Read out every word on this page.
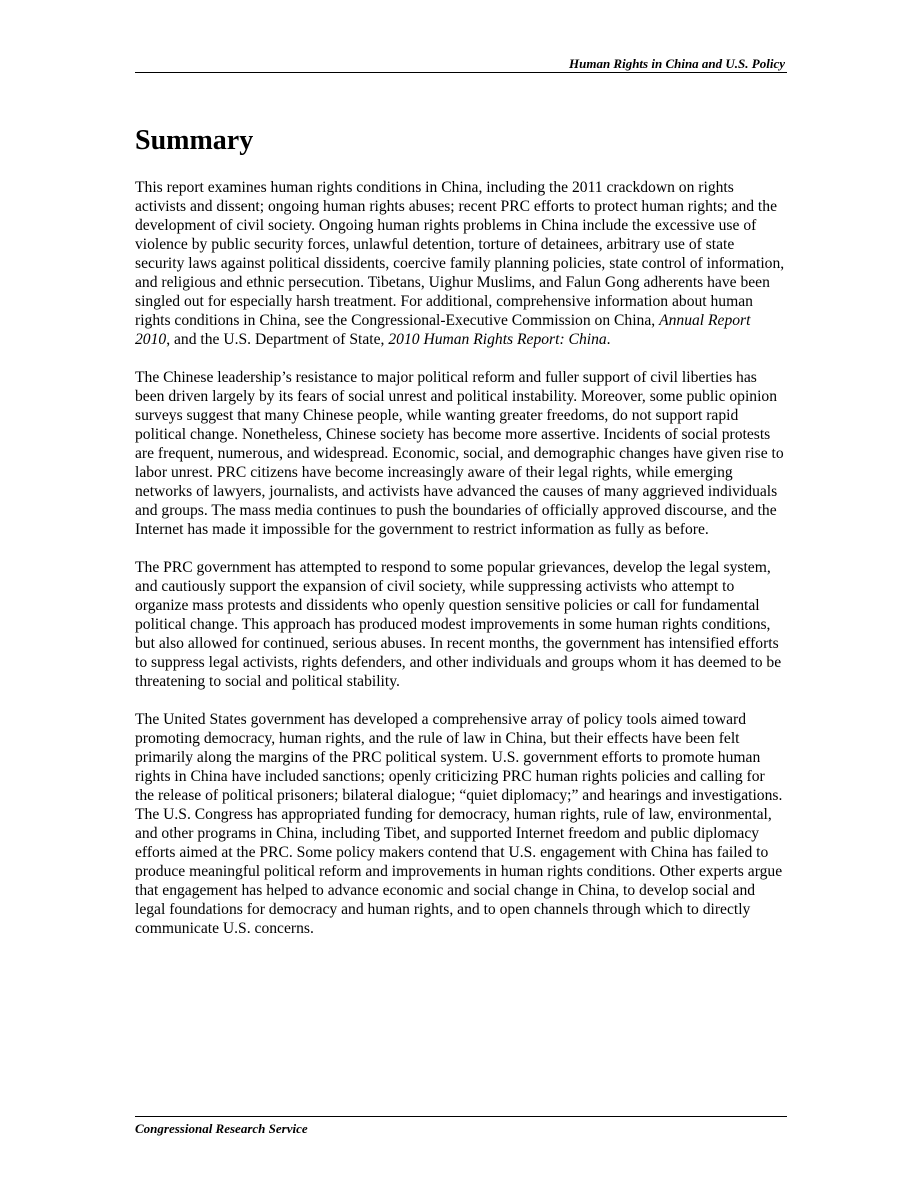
Human Rights in China and U.S. Policy
Summary

This report examines human rights conditions in China, including the 2011 crackdown on rights activists and dissent; ongoing human rights abuses; recent PRC efforts to protect human rights; and the development of civil society. Ongoing human rights problems in China include the excessive use of violence by public security forces, unlawful detention, torture of detainees, arbitrary use of state security laws against political dissidents, coercive family planning policies, state control of information, and religious and ethnic persecution. Tibetans, Uighur Muslims, and Falun Gong adherents have been singled out for especially harsh treatment. For additional, comprehensive information about human rights conditions in China, see the Congressional-Executive Commission on China, Annual Report 2010, and the U.S. Department of State, 2010 Human Rights Report: China.

The Chinese leadership’s resistance to major political reform and fuller support of civil liberties has been driven largely by its fears of social unrest and political instability. Moreover, some public opinion surveys suggest that many Chinese people, while wanting greater freedoms, do not support rapid political change. Nonetheless, Chinese society has become more assertive. Incidents of social protests are frequent, numerous, and widespread. Economic, social, and demographic changes have given rise to labor unrest. PRC citizens have become increasingly aware of their legal rights, while emerging networks of lawyers, journalists, and activists have advanced the causes of many aggrieved individuals and groups. The mass media continues to push the boundaries of officially approved discourse, and the Internet has made it impossible for the government to restrict information as fully as before.

The PRC government has attempted to respond to some popular grievances, develop the legal system, and cautiously support the expansion of civil society, while suppressing activists who attempt to organize mass protests and dissidents who openly question sensitive policies or call for fundamental political change. This approach has produced modest improvements in some human rights conditions, but also allowed for continued, serious abuses. In recent months, the government has intensified efforts to suppress legal activists, rights defenders, and other individuals and groups whom it has deemed to be threatening to social and political stability.

The United States government has developed a comprehensive array of policy tools aimed toward promoting democracy, human rights, and the rule of law in China, but their effects have been felt primarily along the margins of the PRC political system. U.S. government efforts to promote human rights in China have included sanctions; openly criticizing PRC human rights policies and calling for the release of political prisoners; bilateral dialogue; “quiet diplomacy;” and hearings and investigations. The U.S. Congress has appropriated funding for democracy, human rights, rule of law, environmental, and other programs in China, including Tibet, and supported Internet freedom and public diplomacy efforts aimed at the PRC. Some policy makers contend that U.S. engagement with China has failed to produce meaningful political reform and improvements in human rights conditions. Other experts argue that engagement has helped to advance economic and social change in China, to develop social and legal foundations for democracy and human rights, and to open channels through which to directly communicate U.S. concerns.

Congressional Research Service
